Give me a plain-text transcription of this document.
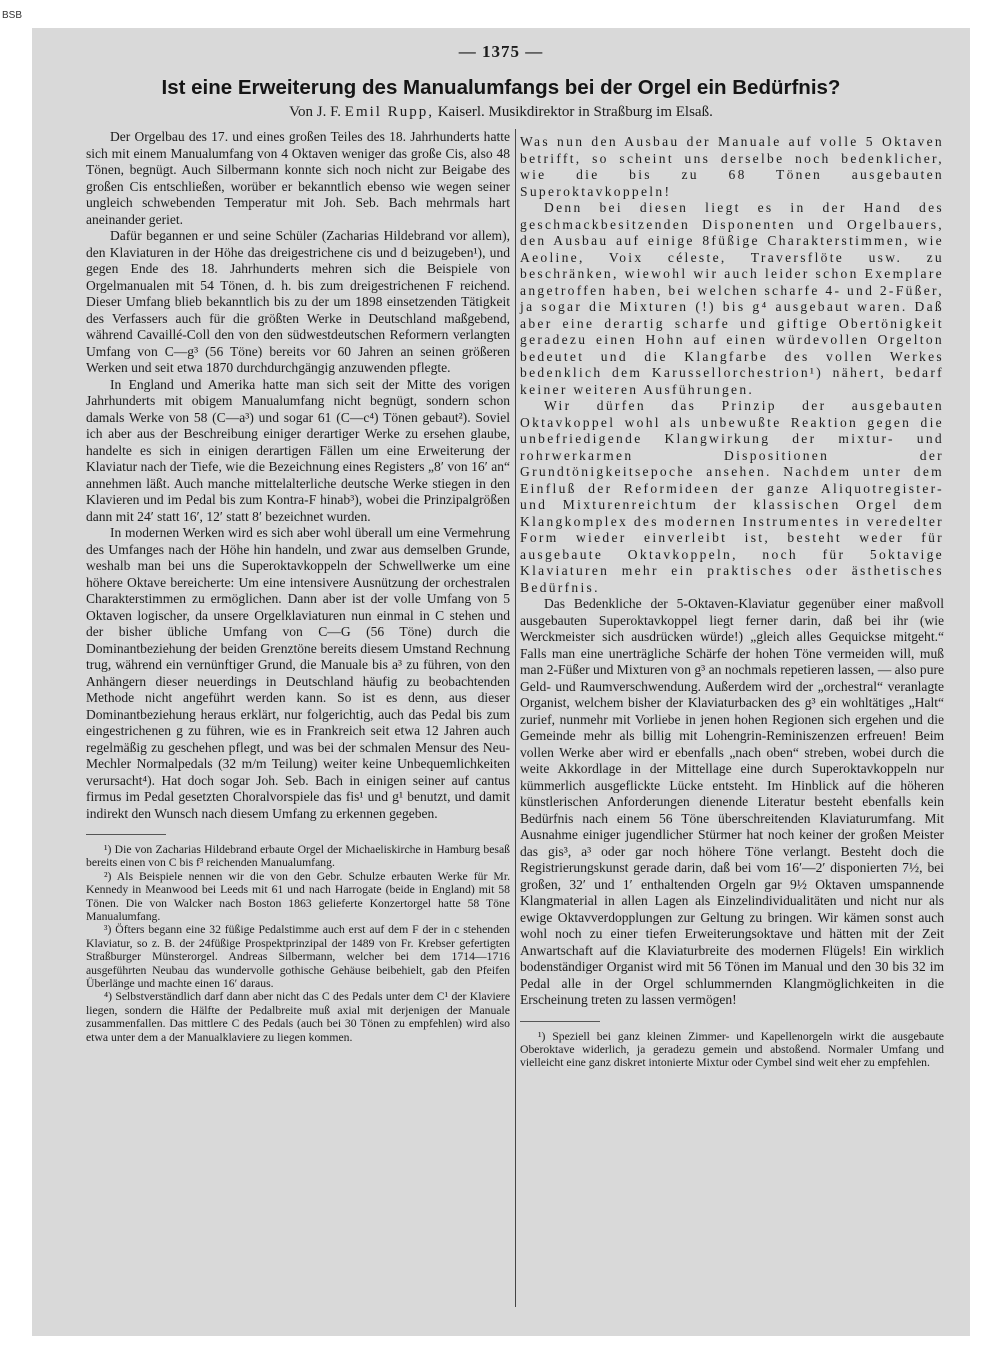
BSB
— 1375 —
Ist eine Erweiterung des Manualumfangs bei der Orgel ein Bedürfnis?
Von J. F. Emil Rupp, Kaiserl. Musikdirektor in Straßburg im Elsaß.

Der Orgelbau des 17. und eines großen Teiles des 18. Jahrhunderts hatte sich mit einem Manualumfang von 4 Oktaven weniger das große Cis, also 48 Tönen, begnügt. Auch Silbermann konnte sich noch nicht zur Beigabe des großen Cis entschließen, worüber er bekanntlich ebenso wie wegen seiner ungleich schwebenden Temperatur mit Joh. Seb. Bach mehrmals hart aneinander geriet.

Dafür begannen er und seine Schüler (Zacharias Hildebrand vor allem), den Klaviaturen in der Höhe das dreigestrichene cis und d beizugeben¹), und gegen Ende des 18. Jahrhunderts mehren sich die Beispiele von Orgelmanualen mit 54 Tönen, d. h. bis zum dreigestrichenen F reichend. Dieser Umfang blieb bekanntlich bis zu der um 1898 einsetzenden Tätigkeit des Verfassers auch für die größten Werke in Deutschland maßgebend, während Cavaillé-Coll den von den südwestdeutschen Reformern verlangten Umfang von C—g³ (56 Töne) bereits vor 60 Jahren an seinen größeren Werken und seit etwa 1870 durchdurchgängig anzuwenden pflegte.

In England und Amerika hatte man sich seit der Mitte des vorigen Jahrhunderts mit obigem Manualumfang nicht begnügt, sondern schon damals Werke von 58 (C—a³) und sogar 61 (C—c⁴) Tönen gebaut²). Soviel ich aber aus der Beschreibung einiger derartiger Werke zu ersehen glaube, handelte es sich in einigen derartigen Fällen um eine Erweiterung der Klaviatur nach der Tiefe, wie die Bezeichnung eines Registers „8′ von 16′ an“ annehmen läßt. Auch manche mittelalterliche deutsche Werke stiegen in den Klavieren und im Pedal bis zum Kontra-F hinab³), wobei die Prinzipalgrößen dann mit 24′ statt 16′, 12′ statt 8′ bezeichnet wurden.

In modernen Werken wird es sich aber wohl überall um eine Vermehrung des Umfanges nach der Höhe hin handeln, und zwar aus demselben Grunde, weshalb man bei uns die Superoktavkoppeln der Schwellwerke um eine höhere Oktave bereicherte: Um eine intensivere Ausnützung der orchestralen Charakterstimmen zu ermöglichen. Dann aber ist der volle Umfang von 5 Oktaven logischer, da unsere Orgelklaviaturen nun einmal in C stehen und der bisher übliche Umfang von C—G (56 Töne) durch die Dominantbeziehung der beiden Grenztöne bereits diesem Umstand Rechnung trug, während ein vernünftiger Grund, die Manuale bis a³ zu führen, von den Anhängern dieser neuerdings in Deutschland häufig zu beobachtenden Methode nicht angeführt werden kann. So ist es denn, aus dieser Dominantbeziehung heraus erklärt, nur folgerichtig, auch das Pedal bis zum eingestrichenen g zu führen, wie es in Frankreich seit etwa 12 Jahren auch regelmäßig zu geschehen pflegt, und was bei der schmalen Mensur des Neu-Mechler Normalpedals (32 m/m Teilung) weiter keine Unbequemlichkeiten verursacht⁴). Hat doch sogar Joh. Seb. Bach in einigen seiner auf cantus firmus im Pedal gesetzten Choralvorspiele das fis¹ und g¹ benutzt, und damit indirekt den Wunsch nach diesem Umfang zu erkennen gegeben.

¹) Die von Zacharias Hildebrand erbaute Orgel der Michaeliskirche in Hamburg besaß bereits einen von C bis f³ reichenden Manualumfang.

²) Als Beispiele nennen wir die von den Gebr. Schulze erbauten Werke für Mr. Kennedy in Meanwood bei Leeds mit 61 und nach Harrogate (beide in England) mit 58 Tönen. Die von Walcker nach Boston 1863 gelieferte Konzertorgel hatte 58 Töne Manualumfang.

³) Öfters begann eine 32 füßige Pedalstimme auch erst auf dem F der in c stehenden Klaviatur, so z. B. der 24füßige Prospektprinzipal der 1489 von Fr. Krebser gefertigten Straßburger Münsterorgel. Andreas Silbermann, welcher bei dem 1714—1716 ausgeführten Neubau das wundervolle gothische Gehäuse beibehielt, gab den Pfeifen Überlänge und machte einen 16′ daraus.

⁴) Selbstverständlich darf dann aber nicht das C des Pedals unter dem C¹ der Klaviere liegen, sondern die Hälfte der Pedalbreite muß axial mit derjenigen der Manuale zusammenfallen. Das mittlere C des Pedals (auch bei 30 Tönen zu empfehlen) wird also etwa unter dem a der Manualklaviere zu liegen kommen.

Was nun den Ausbau der Manuale auf volle 5 Oktaven betrifft, so scheint uns derselbe noch bedenklicher, wie die bis zu 68 Tönen ausgebauten Superoktavkoppeln!

Denn bei diesen liegt es in der Hand des geschmackbesitzenden Disponenten und Orgelbauers, den Ausbau auf einige 8füßige Charakterstimmen, wie Aeoline, Voix céleste, Traversflöte usw. zu beschränken, wiewohl wir auch leider schon Exemplare angetroffen haben, bei welchen scharfe 4- und 2-Füßer, ja sogar die Mixturen (!) bis g⁴ ausgebaut waren. Daß aber eine derartig scharfe und giftige Obertönigkeit geradezu einen Hohn auf einen würdevollen Orgelton bedeutet und die Klangfarbe des vollen Werkes bedenklich dem Karussellorchestrion¹) nähert, bedarf keiner weiteren Ausführungen.

Wir dürfen das Prinzip der ausgebauten Oktavkoppel wohl als unbewußte Reaktion gegen die unbefriedigende Klangwirkung der mixtur- und rohrwerkarmen Dispositionen der Grundtönigkeitsepoche ansehen. Nachdem unter dem Einfluß der Reformideen der ganze Aliquotregister- und Mixturenreichtum der klassischen Orgel dem Klangkomplex des modernen Instrumentes in veredelter Form wieder einverleibt ist, besteht weder für ausgebaute Oktavkoppeln, noch für 5oktavige Klaviaturen mehr ein praktisches oder ästhetisches Bedürfnis.

Das Bedenkliche der 5-Oktaven-Klaviatur gegenüber einer maßvoll ausgebauten Superoktavkoppel liegt ferner darin, daß bei ihr (wie Werckmeister sich ausdrücken würde!) „gleich alles Gequickse mitgeht.“ Falls man eine unerträgliche Schärfe der hohen Töne vermeiden will, muß man 2-Füßer und Mixturen von g³ an nochmals repetieren lassen, — also pure Geld- und Raumverschwendung. Außerdem wird der „orchestral“ veranlagte Organist, welchem bisher der Klaviaturbacken des g³ ein wohltätiges „Halt“ zurief, nunmehr mit Vorliebe in jenen hohen Regionen sich ergehen und die Gemeinde mehr als billig mit Lohengrin-Reminiszenzen erfreuen! Beim vollen Werke aber wird er ebenfalls „nach oben“ streben, wobei durch die weite Akkordlage in der Mittellage eine durch Superoktavkoppeln nur kümmerlich ausgeflickte Lücke entsteht. Im Hinblick auf die höheren künstlerischen Anforderungen dienende Literatur besteht ebenfalls kein Bedürfnis nach einem 56 Töne überschreitenden Klaviaturumfang. Mit Ausnahme einiger jugendlicher Stürmer hat noch keiner der großen Meister das gis³, a³ oder gar noch höhere Töne verlangt. Besteht doch die Registrierungskunst gerade darin, daß bei vom 16′—2′ disponierten 7½, bei großen, 32′ und 1′ enthaltenden Orgeln gar 9½ Oktaven umspannende Klangmaterial in allen Lagen als Einzelindividualitäten und nicht nur als ewige Oktavverdopplungen zur Geltung zu bringen. Wir kämen sonst auch wohl noch zu einer tiefen Erweiterungsoktave und hätten mit der Zeit Anwartschaft auf die Klaviaturbreite des modernen Flügels! Ein wirklich bodenständiger Organist wird mit 56 Tönen im Manual und den 30 bis 32 im Pedal alle in der Orgel schlummernden Klangmöglichkeiten in die Erscheinung treten zu lassen vermögen!

¹) Speziell bei ganz kleinen Zimmer- und Kapellenorgeln wirkt die ausgebaute Oberoktave widerlich, ja geradezu gemein und abstoßend. Normaler Umfang und vielleicht eine ganz diskret intonierte Mixtur oder Cymbel sind weit eher zu empfehlen.
